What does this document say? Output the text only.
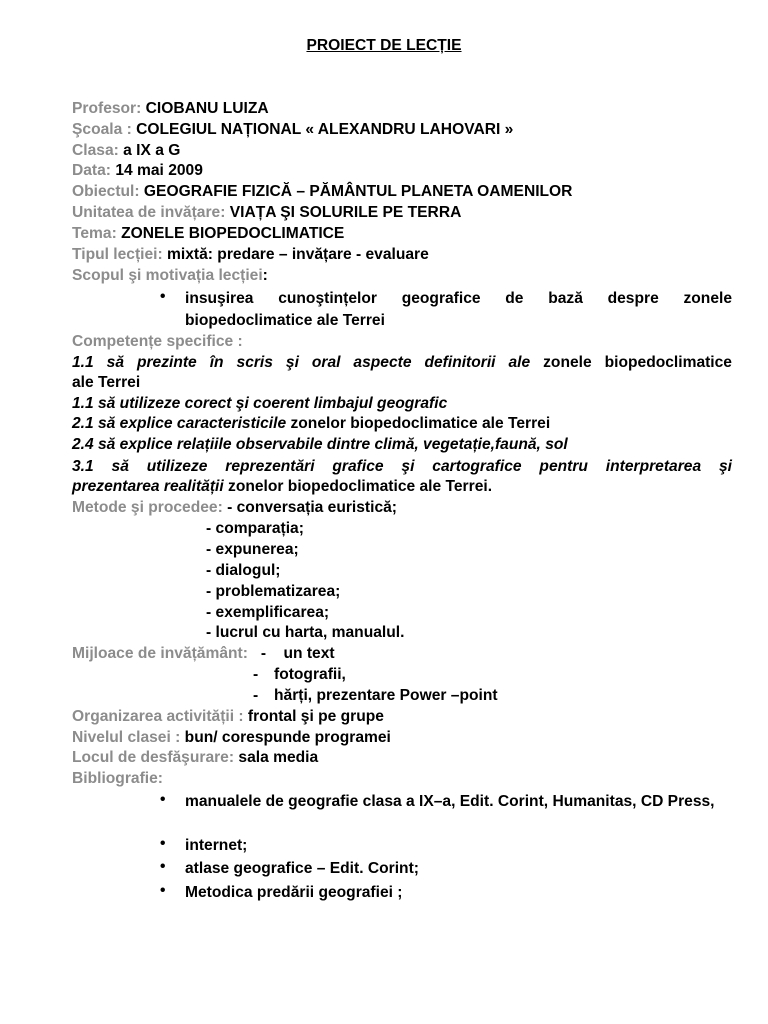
PROIECT DE LECȚIE
Profesor: CIOBANU LUIZA
Şcoala : COLEGIUL NAȚIONAL « ALEXANDRU LAHOVARI »
Clasa: a IX a G
Data: 14 mai 2009
Obiectul: GEOGRAFIE FIZICĂ – PĂMÂNTUL PLANETA OAMENILOR
Unitatea de invățare: VIAȚA ŞI SOLURILE PE TERRA
Tema: ZONELE BIOPEDOCLIMATICE
Tipul lecției: mixtă: predare – invățare - evaluare
Scopul şi motivația lecției:
• insuşirea cunoştințelor geografice de bază despre zonele biopedoclimatice ale Terrei
Competențe specifice :
1.1 să prezinte în scris şi oral aspecte definitorii ale zonele biopedoclimatice
ale Terrei
1.1 să utilizeze corect şi coerent limbajul geografic
2.1 să explice caracteristicile zonelor biopedoclimatice ale Terrei
2.4 să explice relațiile observabile dintre climă, vegetație,faună, sol
3.1 să utilizeze reprezentări grafice şi cartografice pentru interpretarea şi
prezentarea realității zonelor biopedoclimatice ale Terrei.
Metode şi procedee: - conversația euristică;
- comparația;
- expunerea;
- dialogul;
- problematizarea;
- exemplificarea;
- lucrul cu harta, manualul.
Mijloace de invățământ:   -    un text
- fotografii,
- hărți, prezentare Power –point
Organizarea activității : frontal şi pe grupe
Nivelul clasei : bun/ corespunde programei
Locul de desfăşurare: sala media
Bibliografie:
• manualele de geografie clasa a IX–a, Edit. Corint, Humanitas, CD Press,
• internet;
• atlase geografice – Edit. Corint;
• Metodica predării geografiei ;
